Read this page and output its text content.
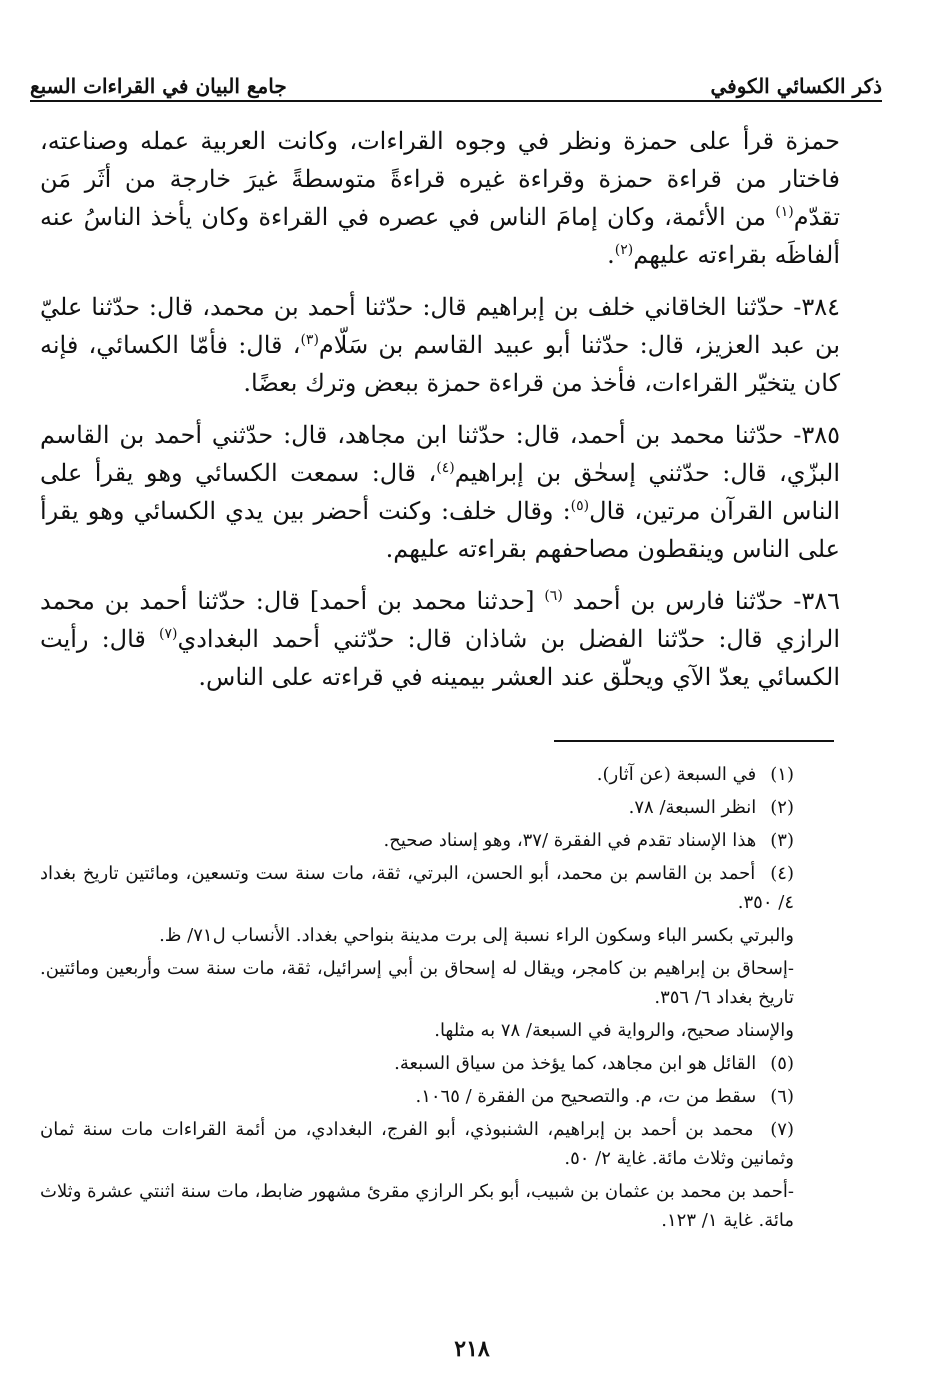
ذكر الكسائي الكوفي
جامع البيان في القراءات السبع

حمزة قرأ على حمزة ونظر في وجوه القراءات، وكانت العربية عمله وصناعته، فاختار من قراءة حمزة وقراءة غيره قراءةً متوسطةً غيرَ خارجة من أثَر مَن تقدّم$^{(١)}$ من الأئمة، وكان إمامَ الناس في عصره في القراءة وكان يأخذ الناسُ عنه ألفاظَه بقراءته عليهم$^{(٢)}$.

٣٨٤- حدّثنا الخاقاني خلف بن إبراهيم قال: حدّثنا أحمد بن محمد، قال: حدّثنا عليّ بن عبد العزيز، قال: حدّثنا أبو عبيد القاسم بن سَلّام$^{(٣)}$، قال: فأمّا الكسائي، فإنه كان يتخيّر القراءات، فأخذ من قراءة حمزة ببعض وترك بعضًا.

٣٨٥- حدّثنا محمد بن أحمد، قال: حدّثنا ابن مجاهد، قال: حدّثني أحمد بن القاسم البزّي، قال: حدّثني إسحٰق بن إبراهيم$^{(٤)}$، قال: سمعت الكسائي وهو يقرأ على الناس القرآن مرتين، قال$^{(٥)}$: وقال خلف: وكنت أحضر بين يدي الكسائي وهو يقرأ على الناس وينقطون مصاحفهم بقراءته عليهم.

٣٨٦- حدّثنا فارس بن أحمد $^{(٦)}$ [حدثنا محمد بن أحمد] قال: حدّثنا أحمد بن محمد الرازي قال: حدّثنا الفضل بن شاذان قال: حدّثني أحمد البغدادي$^{(٧)}$ قال: رأيت الكسائي يعدّ الآي ويحلّق عند العشر بيمينه في قراءته على الناس.

(١) في السبعة (عن آثار).
(٢) انظر السبعة/ ٧٨.
(٣) هذا الإسناد تقدم في الفقرة /٣٧، وهو إسناد صحيح.
(٤) أحمد بن القاسم بن محمد، أبو الحسن، البرتي، ثقة، مات سنة ست وتسعين، ومائتين تاريخ بغداد ٤/ ٣٥٠.
والبرتي بكسر الباء وسكون الراء نسبة إلى برت مدينة بنواحي بغداد. الأنساب ل٧١/ ظ.
-إسحاق بن إبراهيم بن كامجر، ويقال له إسحاق بن أبي إسرائيل، ثقة، مات سنة ست وأربعين ومائتين. تاريخ بغداد ٦/ ٣٥٦.
والإسناد صحيح، والرواية في السبعة/ ٧٨ به مثلها.
(٥) القائل هو ابن مجاهد، كما يؤخذ من سياق السبعة.
(٦) سقط من ت، م. والتصحيح من الفقرة / ١٠٦٥.
(٧) محمد بن أحمد بن إبراهيم، الشنبوذي، أبو الفرج، البغدادي، من أئمة القراءات مات سنة ثمان وثمانين وثلاث مائة. غاية ٢/ ٥٠.
-أحمد بن محمد بن عثمان بن شبيب، أبو بكر الرازي مقرئ مشهور ضابط، مات سنة اثنتي عشرة وثلاث مائة. غاية ١/ ١٢٣.
٢١٨
